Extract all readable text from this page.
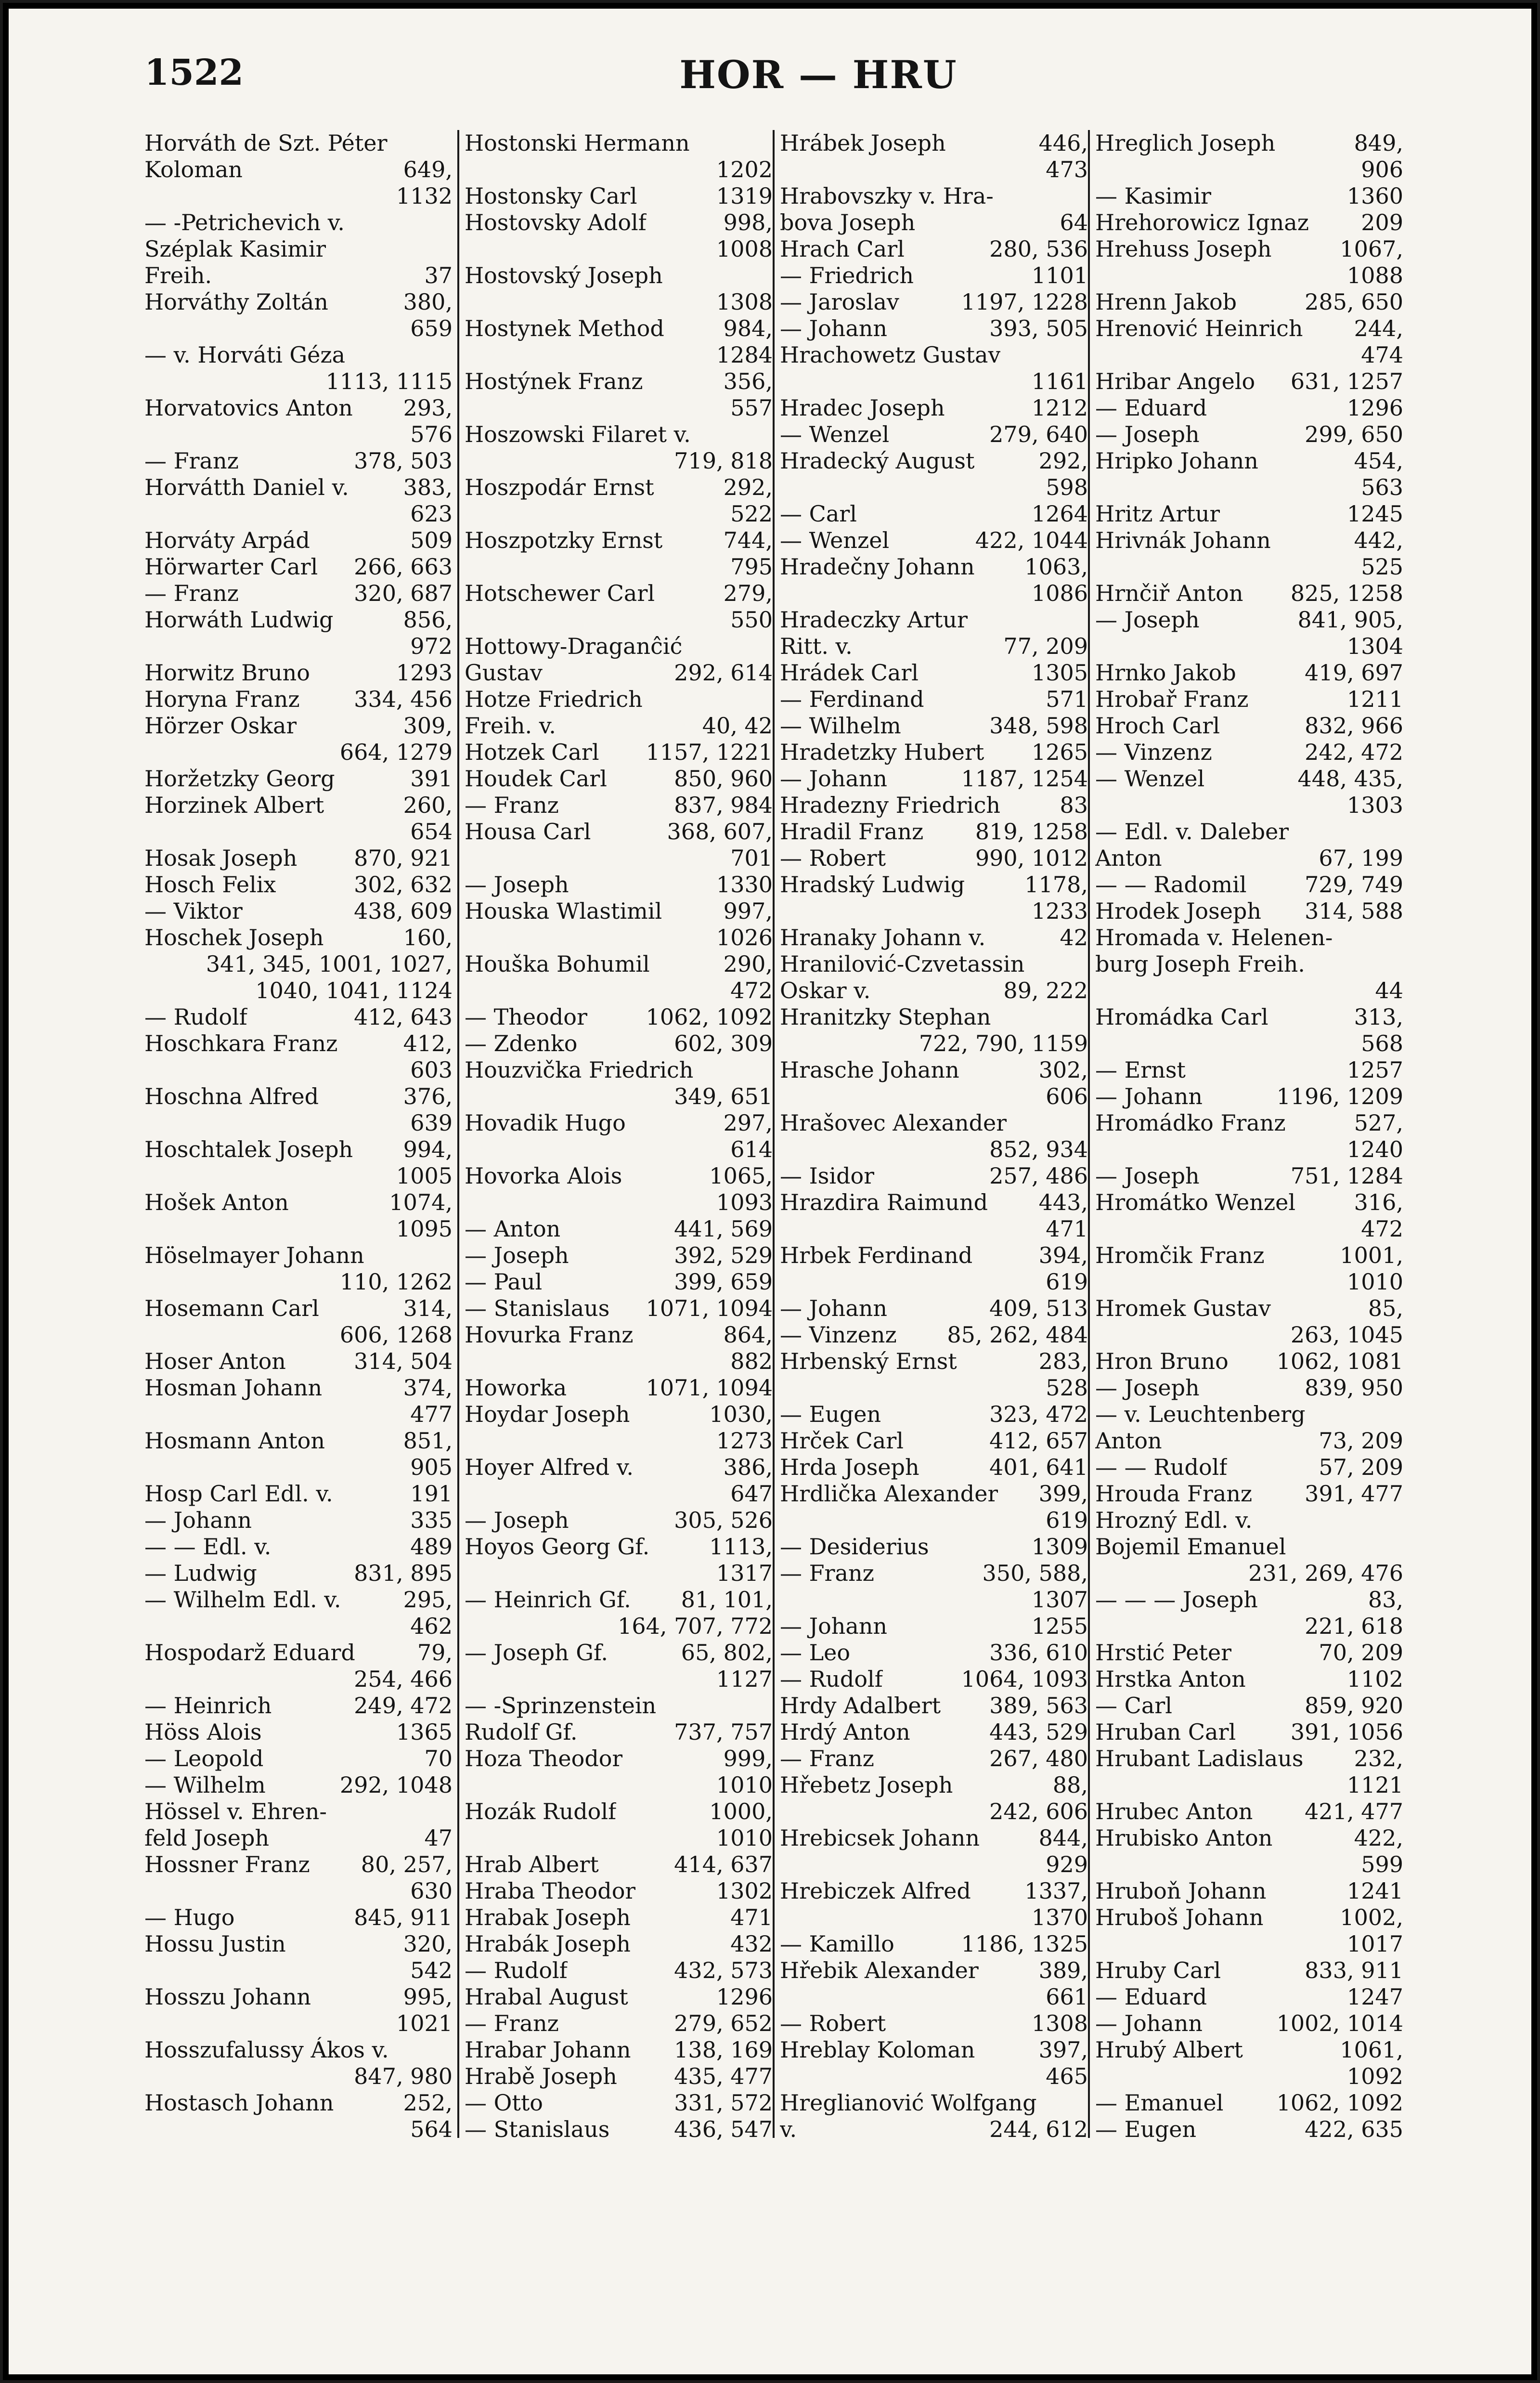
1522	HOR — HRU
Horváth de Szt. Péter
Koloman	649,
1132
— -Petrichevich v.
Széplak Kasimir
Freih.	37
Horváthy Zoltán	380,
659
— v. Horváti Géza
1113, 1115
Horvatovics Anton 293,
576
— Franz	378, 503
Horvátth Daniel v. 383,
623
Horváty Arpád	509
Hörwarter Carl 266, 663
— Franz	320, 687
Horwáth Ludwig	856,
972
Horwitz Bruno	1293
Horyna Franz 334, 456
Hörzer Oskar	309,
664, 1279
Horžetzky Georg	391
Horzinek Albert	260,
654
Hosak Joseph	870, 921
Hosch Felix	302, 632
— Viktor	438, 609
Hoschek Joseph	160,
341, 345, 1001, 1027,
1040, 1041, 1124
— Rudolf	412, 643
Hoschkara Franz	412,
603
Hoschna Alfred	376,
639
Hoschtalek Joseph 994,
1005
Hošek Anton	1074,
1095
Höselmayer Johann
110, 1262
Hosemann Carl	314,
606, 1268
Hoser Anton	314, 504
Hosman Johann	374,
477
Hosmann Anton	851,
905
Hosp Carl Edl. v.	191
— Johann	335
— — Edl. v.	489
— Ludwig	831, 895
— Wilhelm Edl. v.	295,
462
Hospodarž Eduard	79,
254, 466
— Heinrich	249, 472
Höss Alois	1365
— Leopold	70
— Wilhelm	292, 1048
Hössel v. Ehren-
feld Joseph	47
Hossner Franz 80, 257,
630
— Hugo	845, 911
Hossu Justin	320,
542
Hosszu Johann	995,
1021
Hosszufalussy Ákos v.
847, 980
Hostasch Johann	252,
564
Hostonski Hermann
1202
Hostonsky Carl	1319
Hostovsky Adolf	998,
1008
Hostovský Joseph
1308
Hostynek Method	984,
1284
Hostýnek Franz	356,
557
Hoszowski Filaret v.
719, 818
Hoszpodár Ernst	292,
522
Hoszpotzky Ernst	744,
795
Hotschewer Carl	279,
550
Hottowy-Draganĉić
Gustav	292, 614
Hotze Friedrich
Freih. v.	40, 42
Hotzek Carl 1157, 1221
Houdek Carl	850, 960
— Franz	837, 984
Housa Carl	368, 607,
701
— Joseph	1330
Houska Wlastimil	997,
1026
Houška Bohumil	290,
472
— Theodor	1062, 1092
— Zdenko	602, 309
Houzvička Friedrich
349, 651
Hovadik Hugo	297,
614
Hovorka Alois	1065,
1093
— Anton	441, 569
— Joseph	392, 529
— Paul	399, 659
— Stanislaus 1071, 1094
Hovurka Franz	864,
882
Howorka	1071, 1094
Hoydar Joseph	1030,
1273
Hoyer Alfred v.	386,
647
— Joseph	305, 526
Hoyos Georg Gf.	1113,
1317
— Heinrich Gf. 81, 101,
164, 707, 772
— Joseph Gf.	65, 802,
1127
— -Sprinzenstein
Rudolf Gf.	737, 757
Hoza Theodor	999,
1010
Hozák Rudolf	1000,
1010
Hrab Albert	414, 637
Hraba Theodor	1302
Hrabak Joseph	471
Hrabák Joseph	432
— Rudolf	432, 573
Hrabal August	1296
— Franz	279, 652
Hrabar Johann 138, 169
Hrabě Joseph	435, 477
— Otto	331, 572
— Stanislaus	436, 547
Hrábek Joseph	446,
473
Hrabovszky v. Hra-
bova Joseph	64
Hrach Carl	280, 536
— Friedrich	1101
— Jaroslav	1197, 1228
— Johann	393, 505
Hrachowetz Gustav
1161
Hradec Joseph	1212
— Wenzel	279, 640
Hradecký August	292,
598
— Carl	1264
— Wenzel	422, 1044
Hradečny Johann 1063,
1086
Hradeczky Artur
Ritt. v.	77, 209
Hrádek Carl	1305
— Ferdinand	571
— Wilhelm	348, 598
Hradetzky Hubert 1265
— Johann	1187, 1254
Hradezny Friedrich	83
Hradil Franz 819, 1258
— Robert	990, 1012
Hradský Ludwig	1178,
1233
Hranaky Johann v.	42
Hranilović-Czvetassin
Oskar v.	89, 222
Hranitzky Stephan
722, 790, 1159
Hrasche Johann	302,
606
Hrašovec Alexander
852, 934
— Isidor	257, 486
Hrazdira Raimund 443,
471
Hrbek Ferdinand	394,
619
— Johann	409, 513
— Vinzenz 85, 262, 484
Hrbenský Ernst	283,
528
— Eugen	323, 472
Hrček Carl	412, 657
Hrda Joseph	401, 641
Hrdlička Alexander 399,
619
— Desiderius	1309
— Franz	350, 588,
1307
— Johann	1255
— Leo	336, 610
— Rudolf	1064, 1093
Hrdy Adalbert 389, 563
Hrdý Anton	443, 529
— Franz	267, 480
Hřebetz Joseph	88,
242, 606
Hrebicsek Johann	844,
929
Hrebiczek Alfred 1337,
1370
— Kamillo	1186, 1325
Hřebik Alexander	389,
661
— Robert	1308
Hreblay Koloman	397,
465
Hreglianović Wolfgang
v.	244, 612
Hreglich Joseph	849,
906
— Kasimir	1360
Hrehorowicz Ignaz 209
Hrehuss Joseph	1067,
1088
Hrenn Jakob	285, 650
Hrenović Heinrich 244,
474
Hribar Angelo 631, 1257
— Eduard	1296
— Joseph	299, 650
Hripko Johann	454,
563
Hritz Artur	1245
Hrivnák Johann	442,
525
Hrnčiř Anton 825, 1258
— Joseph	841, 905,
1304
Hrnko Jakob	419, 697
Hrobař Franz	1211
Hroch Carl	832, 966
— Vinzenz	242, 472
— Wenzel	448, 435,
1303
— Edl. v. Daleber
Anton	67, 199
— — Radomil	729, 749
Hrodek Joseph 314, 588
Hromada v. Helenen-
burg Joseph Freih.
44
Hromádka Carl	313,
568
— Ernst	1257
— Johann	1196, 1209
Hromádko Franz	527,
1240
— Joseph	751, 1284
Hromátko Wenzel	316,
472
Hromčik Franz	1001,
1010
Hromek Gustav	85,
263, 1045
Hron Bruno 1062, 1081
— Joseph	839, 950
— v. Leuchtenberg
Anton	73, 209
— — Rudolf	57, 209
Hrouda Franz 391, 477
Hrozný Edl. v.
Bojemil Emanuel
231, 269, 476
— — — Joseph	83,
221, 618
Hrstić Peter	70, 209
Hrstka Anton	1102
— Carl	859, 920
Hruban Carl 391, 1056
Hrubant Ladislaus 232,
1121
Hrubec Anton 421, 477
Hrubisko Anton	422,
599
Hruboň Johann	1241
Hruboš Johann	1002,
1017
Hruby Carl	833, 911
— Eduard	1247
— Johann	1002, 1014
Hrubý Albert	1061,
1092
— Emanuel 1062, 1092
— Eugen	422, 635
